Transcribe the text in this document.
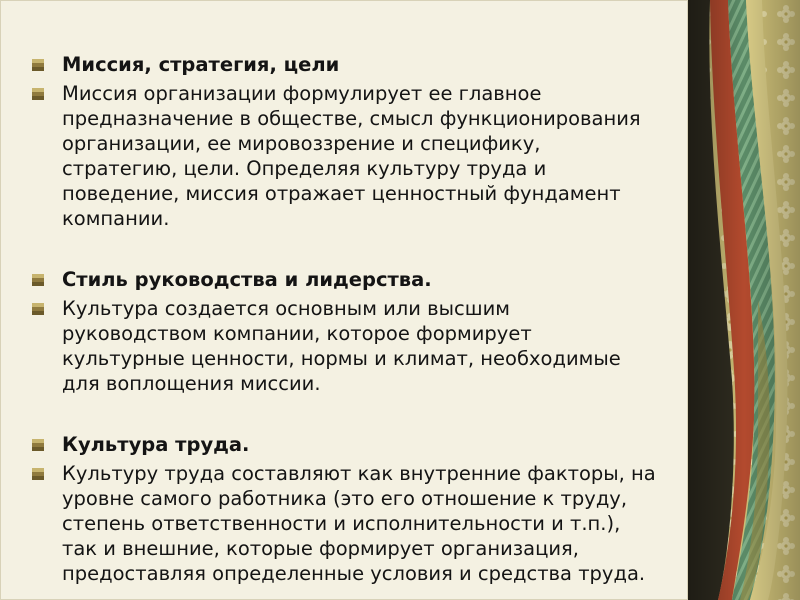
Миссия, стратегия, цели

Миссия организации формулирует ее главное предназначение в обществе, смысл функционирования организации, ее мировоззрение и специфику, стратегию, цели. Определяя культуру труда и поведение, миссия отражает ценностный фундамент компании.

Стиль руководства и лидерства.

Культура создается основным или высшим руководством компании, которое формирует культурные ценности, нормы и климат, необходимые для воплощения миссии.

Культура труда.

Культуру труда составляют как внутренние факторы, на уровне самого работника (это его отношение к труду, степень ответственности и исполнительности и т.п.), так и внешние, которые формирует организация, предоставляя определенные условия и средства труда.
